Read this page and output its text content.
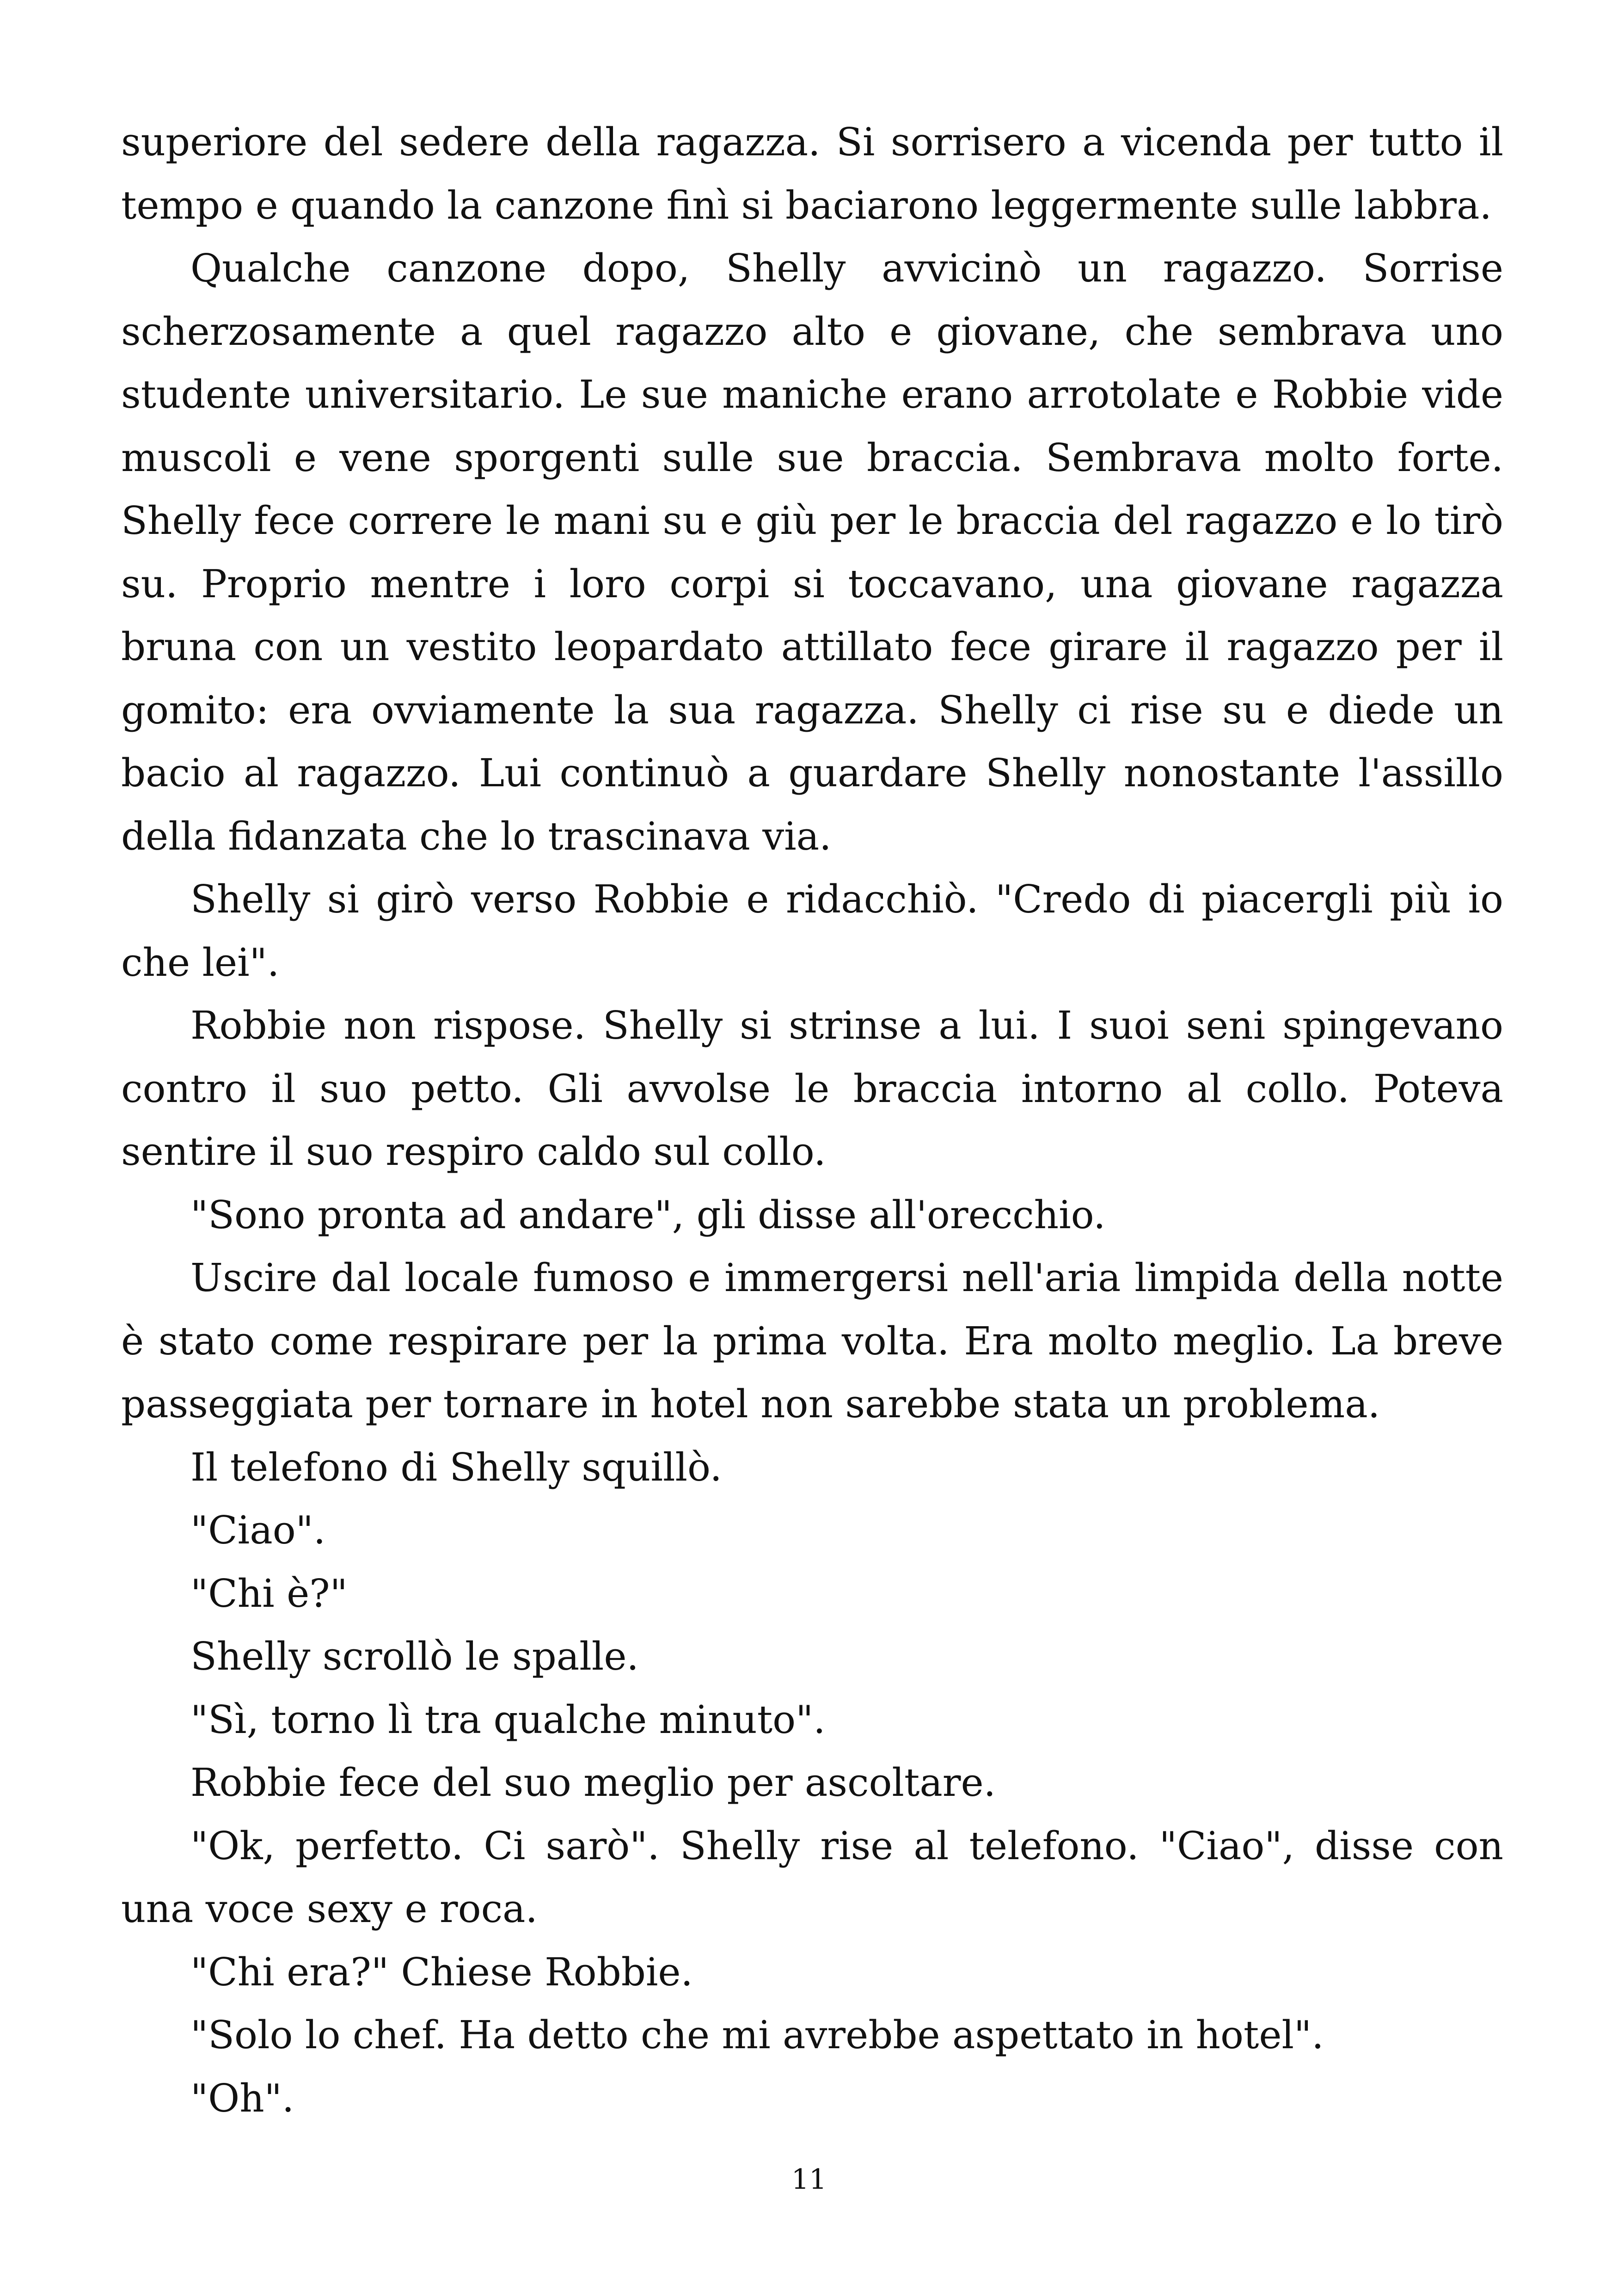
superiore del sedere della ragazza. Si sorrisero a vicenda per tutto il tempo e quando la canzone finì si baciarono leggermente sulle labbra.

Qualche canzone dopo, Shelly avvicinò un ragazzo. Sorrise scherzosamente a quel ragazzo alto e giovane, che sembrava uno studente universitario. Le sue maniche erano arrotolate e Robbie vide muscoli e vene sporgenti sulle sue braccia. Sembrava molto forte. Shelly fece correre le mani su e giù per le braccia del ragazzo e lo tirò su. Proprio mentre i loro corpi si toccavano, una giovane ragazza bruna con un vestito leopardato attillato fece girare il ragazzo per il gomito: era ovviamente la sua ragazza. Shelly ci rise su e diede un bacio al ragazzo. Lui continuò a guardare Shelly nonostante l'assillo della fidanzata che lo trascinava via.

Shelly si girò verso Robbie e ridacchiò. "Credo di piacergli più io che lei".

Robbie non rispose. Shelly si strinse a lui. I suoi seni spingevano contro il suo petto. Gli avvolse le braccia intorno al collo. Poteva sentire il suo respiro caldo sul collo.

"Sono pronta ad andare", gli disse all'orecchio.

Uscire dal locale fumoso e immergersi nell'aria limpida della notte è stato come respirare per la prima volta. Era molto meglio. La breve passeggiata per tornare in hotel non sarebbe stata un problema.

Il telefono di Shelly squillò.

"Ciao".

"Chi è?"

Shelly scrollò le spalle.

"Sì, torno lì tra qualche minuto".

Robbie fece del suo meglio per ascoltare.

"Ok, perfetto. Ci sarò". Shelly rise al telefono. "Ciao", disse con una voce sexy e roca.

"Chi era?" Chiese Robbie.

"Solo lo chef. Ha detto che mi avrebbe aspettato in hotel".

"Oh".

11
